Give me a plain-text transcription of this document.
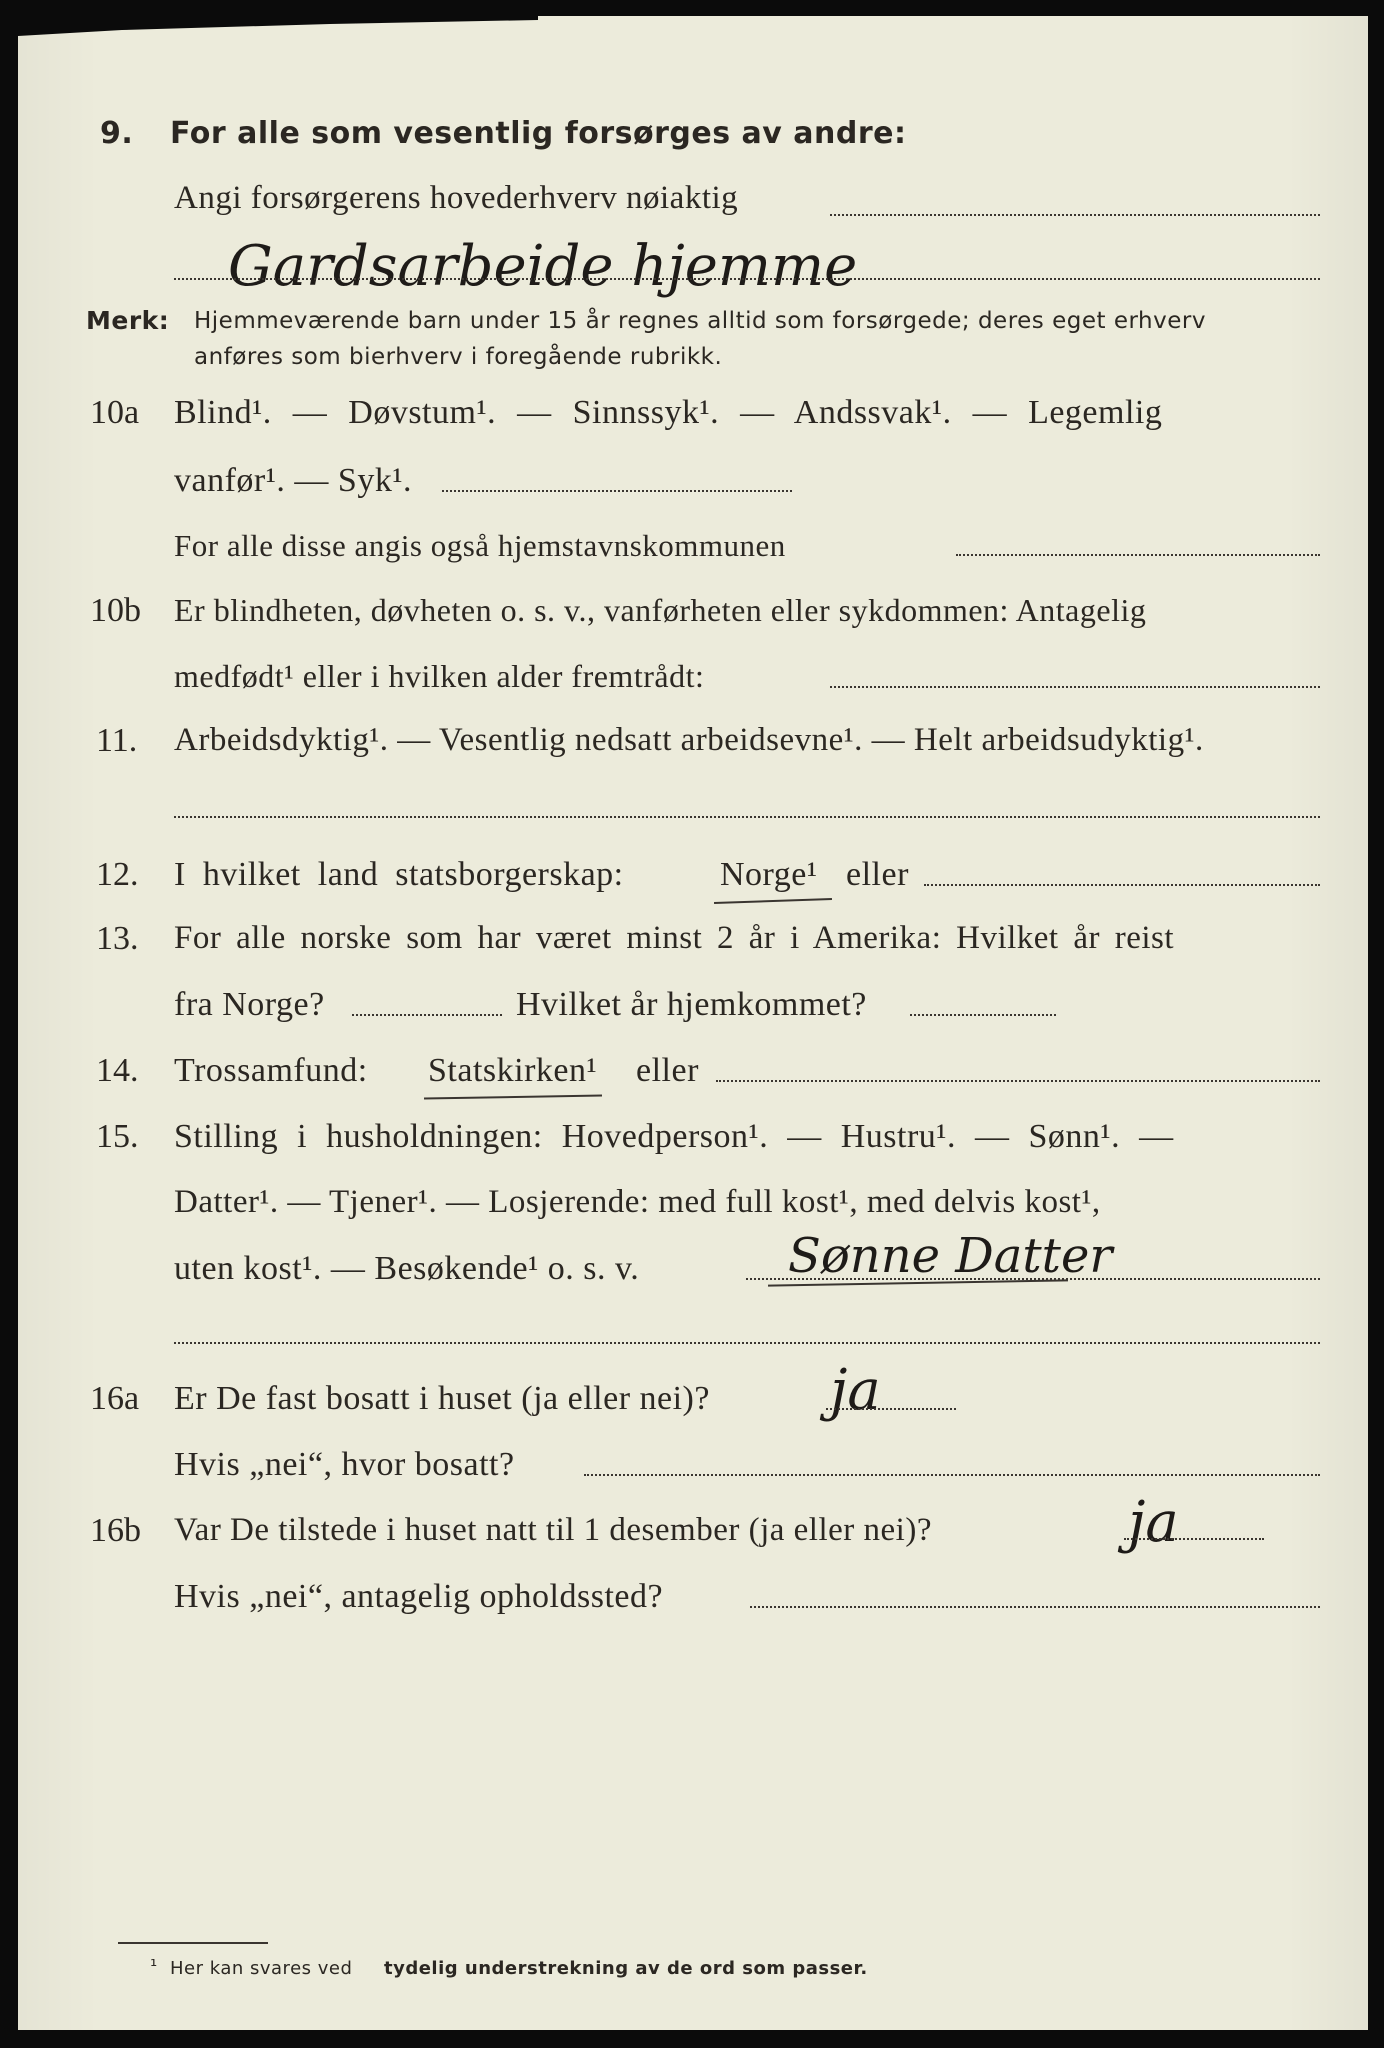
9. For alle som vesentlig forsørges av andre:
Angi forsørgerens hovederhverv nøiaktig
Gardsarbeide hjemme
Merk: Hjemmeværende barn under 15 år regnes alltid som forsørgede; deres eget erhverv
anføres som bierhverv i foregående rubrikk.
10a Blind¹. — Døvstum¹. — Sinnssyk¹. — Andssvak¹. — Legemlig
vanfør¹. — Syk¹.
For alle disse angis også hjemstavnskommunen
10b Er blindheten, døvheten o. s. v., vanførheten eller sykdommen: Antagelig
medfødt¹ eller i hvilken alder fremtrådt:
11. Arbeidsdyktig¹. — Vesentlig nedsatt arbeidsevne¹. — Helt arbeidsudyktig¹.
12. I hvilket land statsborgerskap:	Norge¹ eller
13. For alle norske som har været minst 2 år i Amerika: Hvilket år reist
fra Norge?	Hvilket år hjemkommet?
14. Trossamfund: Statskirken¹ eller
15. Stilling i husholdningen: Hovedperson¹. — Hustru¹. — Sønn¹. —
Datter¹. — Tjener¹. — Losjerende: med full kost¹, med delvis kost¹,
uten kost¹. — Besøkende¹ o. s. v.	Sønne Datter
16a Er De fast bosatt i huset (ja eller nei)? ja
Hvis „nei“, hvor bosatt?
16b Var De tilstede i huset natt til 1 desember (ja eller nei)?	ja
Hvis „nei“, antagelig opholdssted?
¹ Her kan svares ved tydelig understrekning av de ord som passer.
